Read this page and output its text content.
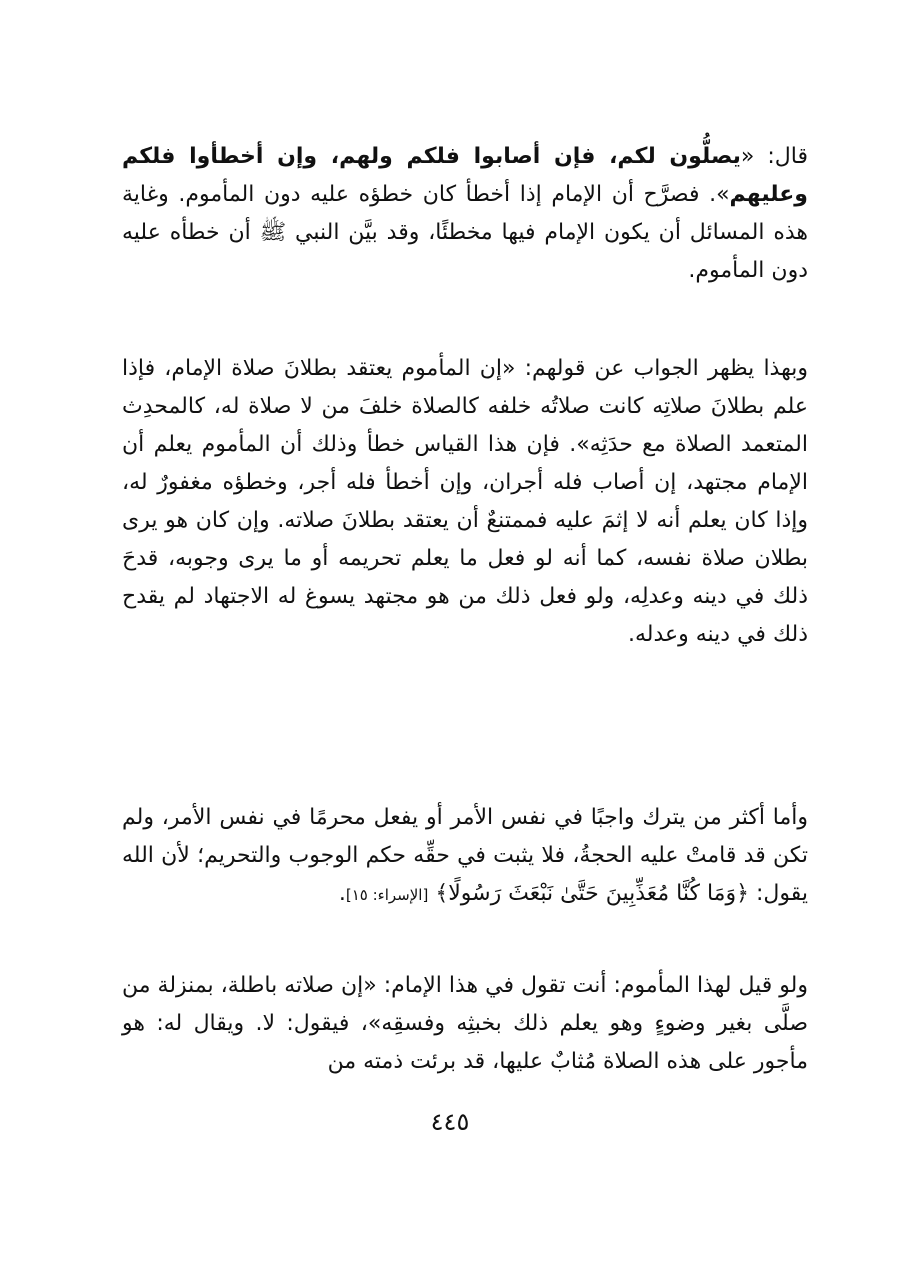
قال: «يصلُّون لكم، فإن أصابوا فلكم ولهم، وإن أخطأوا فلكم وعليهم». فصرَّح أن الإمام إذا أخطأ كان خطؤه عليه دون المأموم. وغاية هذه المسائل أن يكون الإمام فيها مخطئًا، وقد بيَّن النبي ﷺ أن خطأه عليه دون المأموم.
وبهذا يظهر الجواب عن قولهم: «إن المأموم يعتقد بطلانَ صلاة الإمام، فإذا علم بطلانَ صلاتِه كانت صلاتُه خلفه كالصلاة خلفَ من لا صلاة له، كالمحدِث المتعمد الصلاة مع حدَثِه». فإن هذا القياس خطأ وذلك أن المأموم يعلم أن الإمام مجتهد، إن أصاب فله أجران، وإن أخطأ فله أجر، وخطؤه مغفورٌ له، وإذا كان يعلم أنه لا إثمَ عليه فممتنعٌ أن يعتقد بطلانَ صلاته. وإن كان هو يرى بطلان صلاة نفسه، كما أنه لو فعل ما يعلم تحريمه أو ما يرى وجوبه، قدحَ ذلك في دينه وعدلِه، ولو فعل ذلك من هو مجتهد يسوغ له الاجتهاد لم يقدح ذلك في دينه وعدله.
وأما أكثر من يترك واجبًا في نفس الأمر أو يفعل محرمًا في نفس الأمر، ولم تكن قد قامتْ عليه الحجةُ، فلا يثبت في حقِّه حكم الوجوب والتحريم؛ لأن الله يقول: ﴿وَمَا كُنَّا مُعَذِّبِينَ حَتَّىٰ نَبْعَثَ رَسُولًا﴾ [الإسراء: ١٥].
ولو قيل لهذا المأموم: أنت تقول في هذا الإمام: «إن صلاته باطلة، بمنزلة من صلَّى بغير وضوءٍ وهو يعلم ذلك بخبثِه وفسقِه»، فيقول: لا. ويقال له: هو مأجور على هذه الصلاة مُثابٌ عليها، قد برئت ذمته من
٤٤٥
